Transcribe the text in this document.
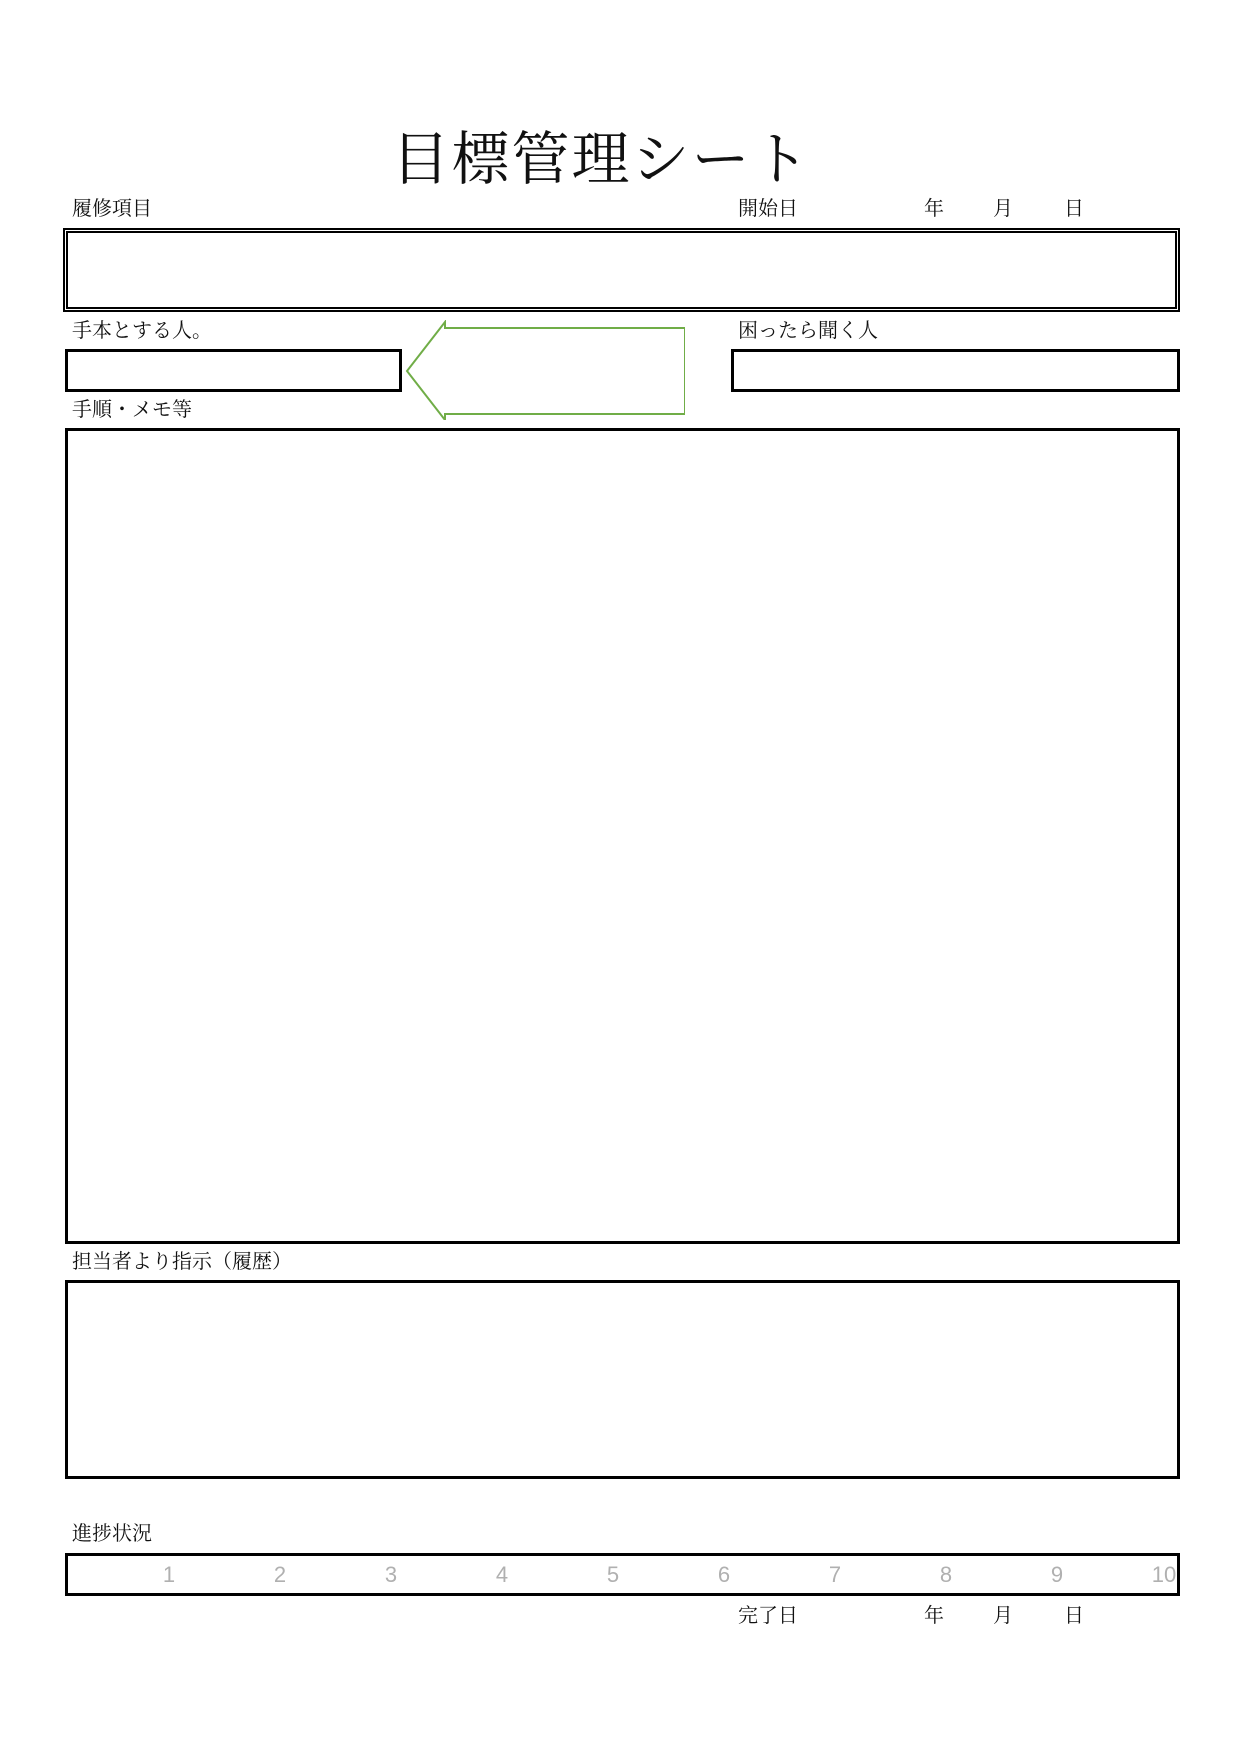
目標管理シート
履修項目	開始日	年 月	日
手本とする人。	困ったら聞く人
手順・メモ等
担当者より指示（履歴）
進捗状況
1	2	3	4	5	6	7	8	9	10
完了日	年 月	日
